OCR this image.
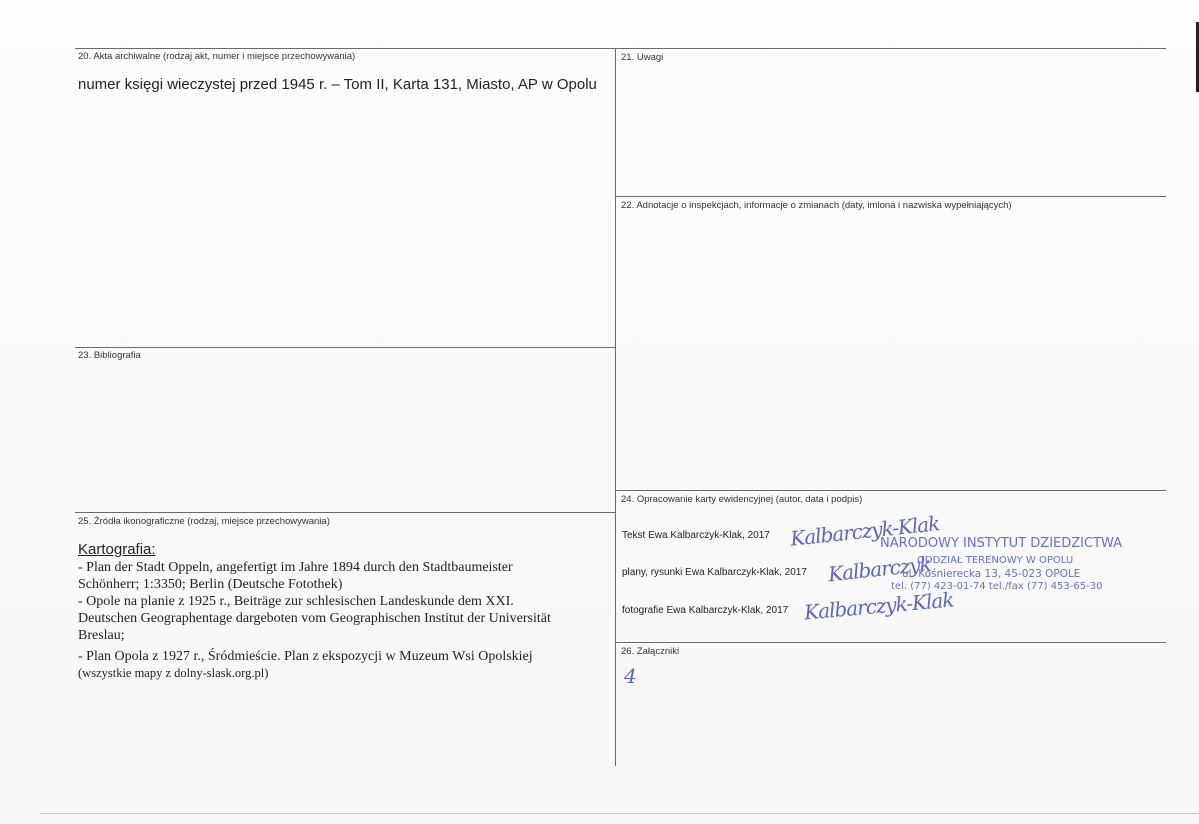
20. Akta archiwalne (rodzaj akt, numer i miejsce przechowywania)
numer księgi wieczystej przed 1945 r. – Tom II, Karta 131, Miasto, AP w Opolu
21. Uwagi
22. Adnotacje o inspekcjach, informacje o zmianach (daty, imiona i nazwiska wypełniających)
23. Bibliografia
24. Opracowanie karty ewidencyjnej (autor, data i podpis)
Tekst Ewa Kalbarczyk-Klak, 2017
plany, rysunki Ewa Kalbarczyk-Klak, 2017
fotografie Ewa Kalbarczyk-Klak, 2017
Kalbarczyk-Klak
Kalbarczyk
Kalbarczyk-Klak
NARODOWY INSTYTUT DZIEDZICTWA
ODDZIAŁ TERENOWY W OPOLU
ul. Kośnierecka 13, 45-023 OPOLE
tel. (77) 423-01-74 tel./fax (77) 453-65-30
25. Źródła ikonograficzne (rodzaj, miejsce przechowywania)
Kartografia:
- Plan der Stadt Oppeln, angefertigt im Jahre 1894 durch den Stadtbaumeister
Schönherr; 1:3350; Berlin (Deutsche Fotothek)
- Opole na planie z 1925 r., Beiträge zur schlesischen Landeskunde dem XXI.
Deutschen Geographentage dargeboten vom Geographischen Institut der Universität
Breslau;
- Plan Opola z 1927 r., Śródmieście. Plan z ekspozycji w Muzeum Wsi Opolskiej
(wszystkie mapy z dolny-slask.org.pl)
26. Załączniki
4
